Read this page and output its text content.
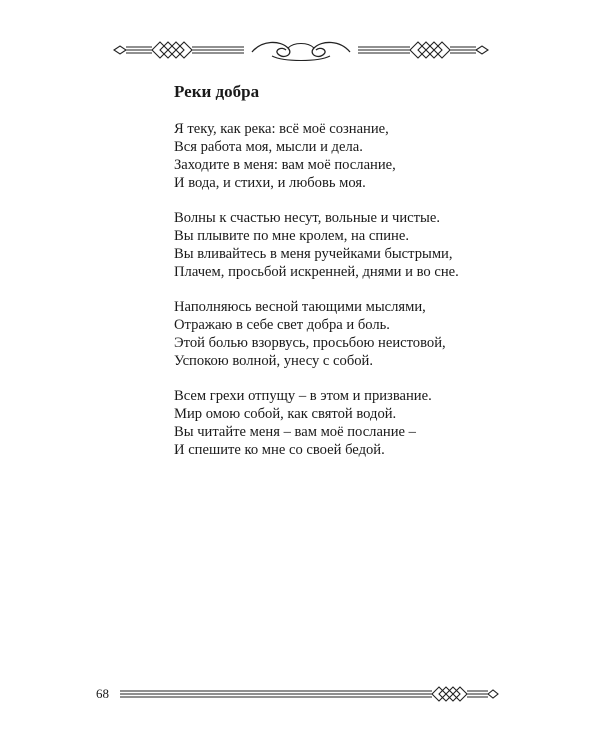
Реки добра
Я теку, как река: всё моё сознание,
Вся работа моя, мысли и дела.
Заходите в меня: вам моё послание,
И вода, и стихи, и любовь моя.
Волны к счастью несут, вольные и чистые.
Вы плывите по мне кролем, на спине.
Вы вливайтесь в меня ручейками быстрыми,
Плачем, просьбой искренней, днями и во сне.
Наполняюсь весной тающими мыслями,
Отражаю в себе свет добра и боль.
Этой болью взорвусь, просьбою неистовой,
Успокою волной, унесу с собой.
Всем грехи отпущу – в этом и призвание.
Мир омою собой, как святой водой.
Вы читайте меня – вам моё послание –
И спешите ко мне со своей бедой.
68
